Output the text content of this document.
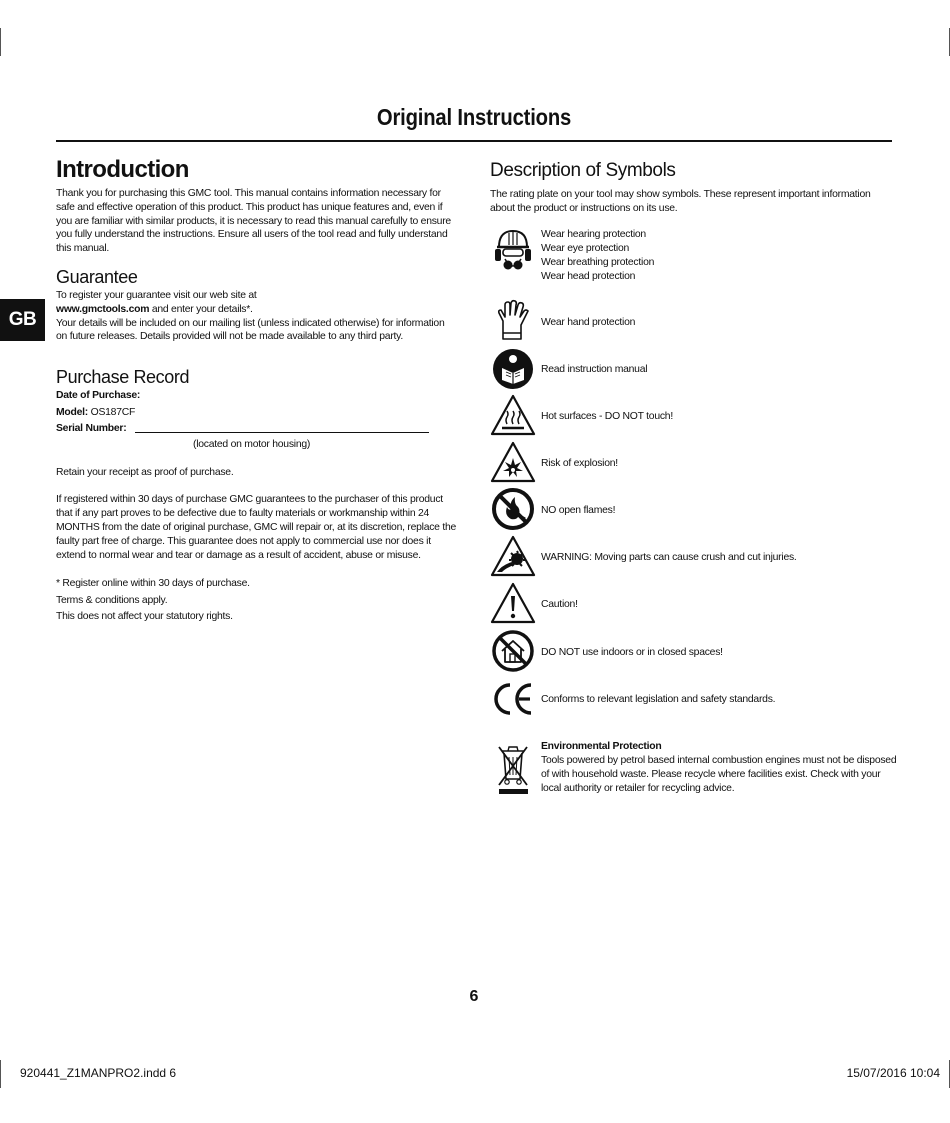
Original Instructions
GB
Introduction

Thank you for purchasing this GMC tool. This manual contains information necessary for safe and effective operation of this product. This product has unique features and, even if you are familiar with similar products, it is necessary to read this manual carefully to ensure you fully understand the instructions. Ensure all users of the tool read and fully understand this manual.

Guarantee

To register your guarantee visit our web site at

www.gmctools.com and enter your details*.

Your details will be included on our mailing list (unless indicated otherwise) for information on future releases. Details provided will not be made available to any third party.

Purchase Record
Date of Purchase:
Model: OS187CF
Serial Number:
(located on motor housing)

Retain your receipt as proof of purchase.

If registered within 30 days of purchase GMC guarantees to the purchaser of this product that if any part proves to be defective due to faulty materials or workmanship within 24 MONTHS from the date of original purchase, GMC will repair or, at its discretion, replace the faulty part free of charge. This guarantee does not apply to commercial use nor does it extend to normal wear and tear or damage as a result of accident, abuse or misuse.

* Register online within 30 days of purchase.

Terms & conditions apply.

This does not affect your statutory rights.

Description of Symbols

The rating plate on your tool may show symbols. These represent important information about the product or instructions on its use.

Wear hearing protection
Wear eye protection
Wear breathing protection
Wear head protection
Wear hand protection
Read instruction manual
Hot surfaces - DO NOT touch!
Risk of explosion!
NO open flames!
WARNING: Moving parts can cause crush and cut injuries.
Caution!
DO NOT use indoors or in closed spaces!
Conforms to relevant legislation and safety standards.
Environmental Protection
Tools powered by petrol based internal combustion engines must not be disposed
of with household waste. Please recycle where facilities exist. Check with your
local authority or retailer for recycling advice.
6
920441_Z1MANPRO2.indd 6	15/07/2016 10:04
